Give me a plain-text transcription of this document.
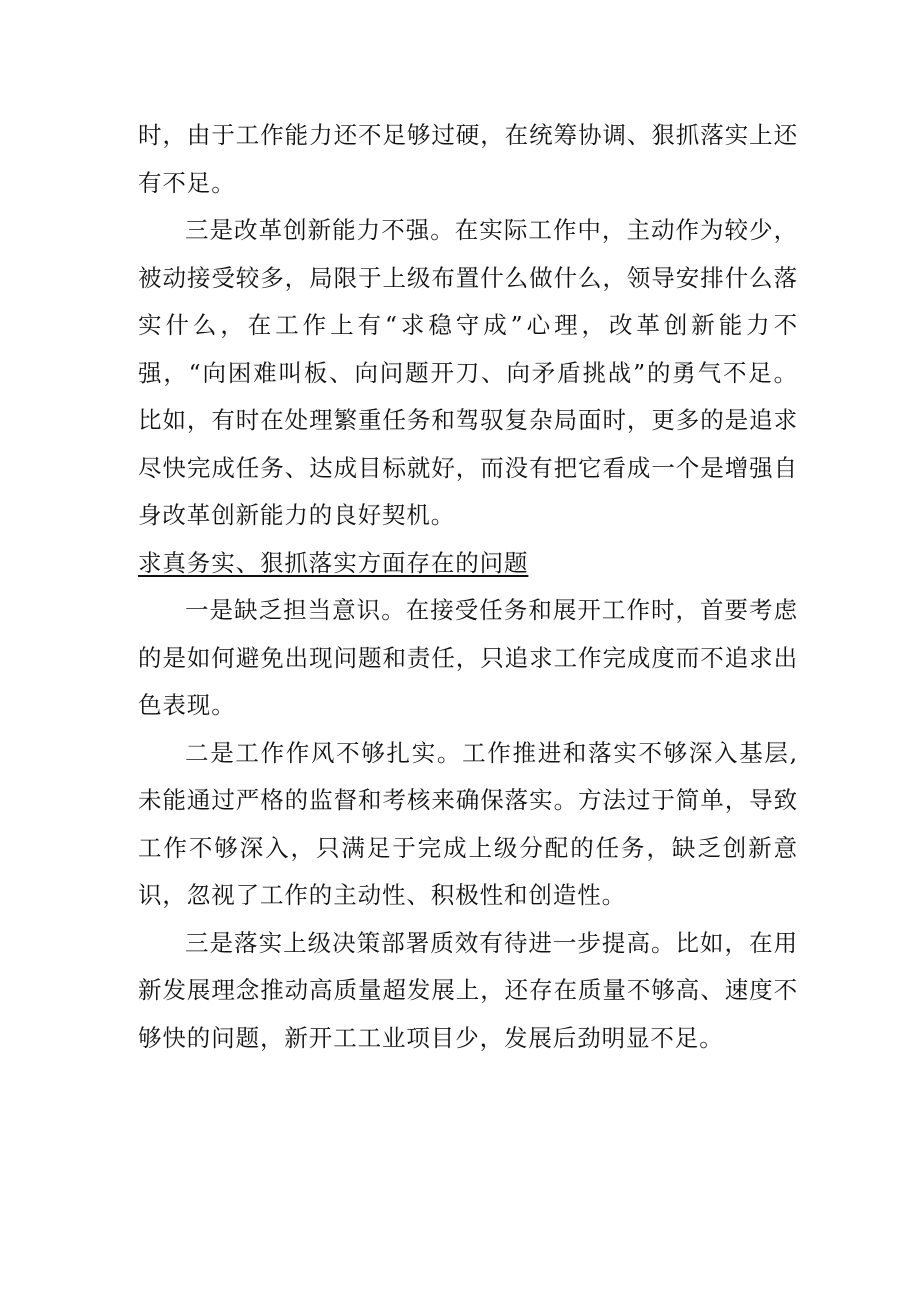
时，由于工作能力还不足够过硬，在统筹协调、狠抓落实上还有不足。

三是改革创新能力不强。在实际工作中，主动作为较少，被动接受较多，局限于上级布置什么做什么，领导安排什么落实什么，在工作上有“求稳守成”心理，改革创新能力不强，“向困难叫板、向问题开刀、向矛盾挑战”的勇气不足。比如，有时在处理繁重任务和驾驭复杂局面时，更多的是追求尽快完成任务、达成目标就好，而没有把它看成一个是增强自身改革创新能力的良好契机。

求真务实、狠抓落实方面存在的问题

一是缺乏担当意识。在接受任务和展开工作时，首要考虑的是如何避免出现问题和责任，只追求工作完成度而不追求出色表现。

二是工作作风不够扎实。工作推进和落实不够深入基层,未能通过严格的监督和考核来确保落实。方法过于简单，导致工作不够深入，只满足于完成上级分配的任务，缺乏创新意识，忽视了工作的主动性、积极性和创造性。

三是落实上级决策部署质效有待进一步提高。比如，在用新发展理念推动高质量超发展上，还存在质量不够高、速度不够快的问题，新开工工业项目少，发展后劲明显不足。
